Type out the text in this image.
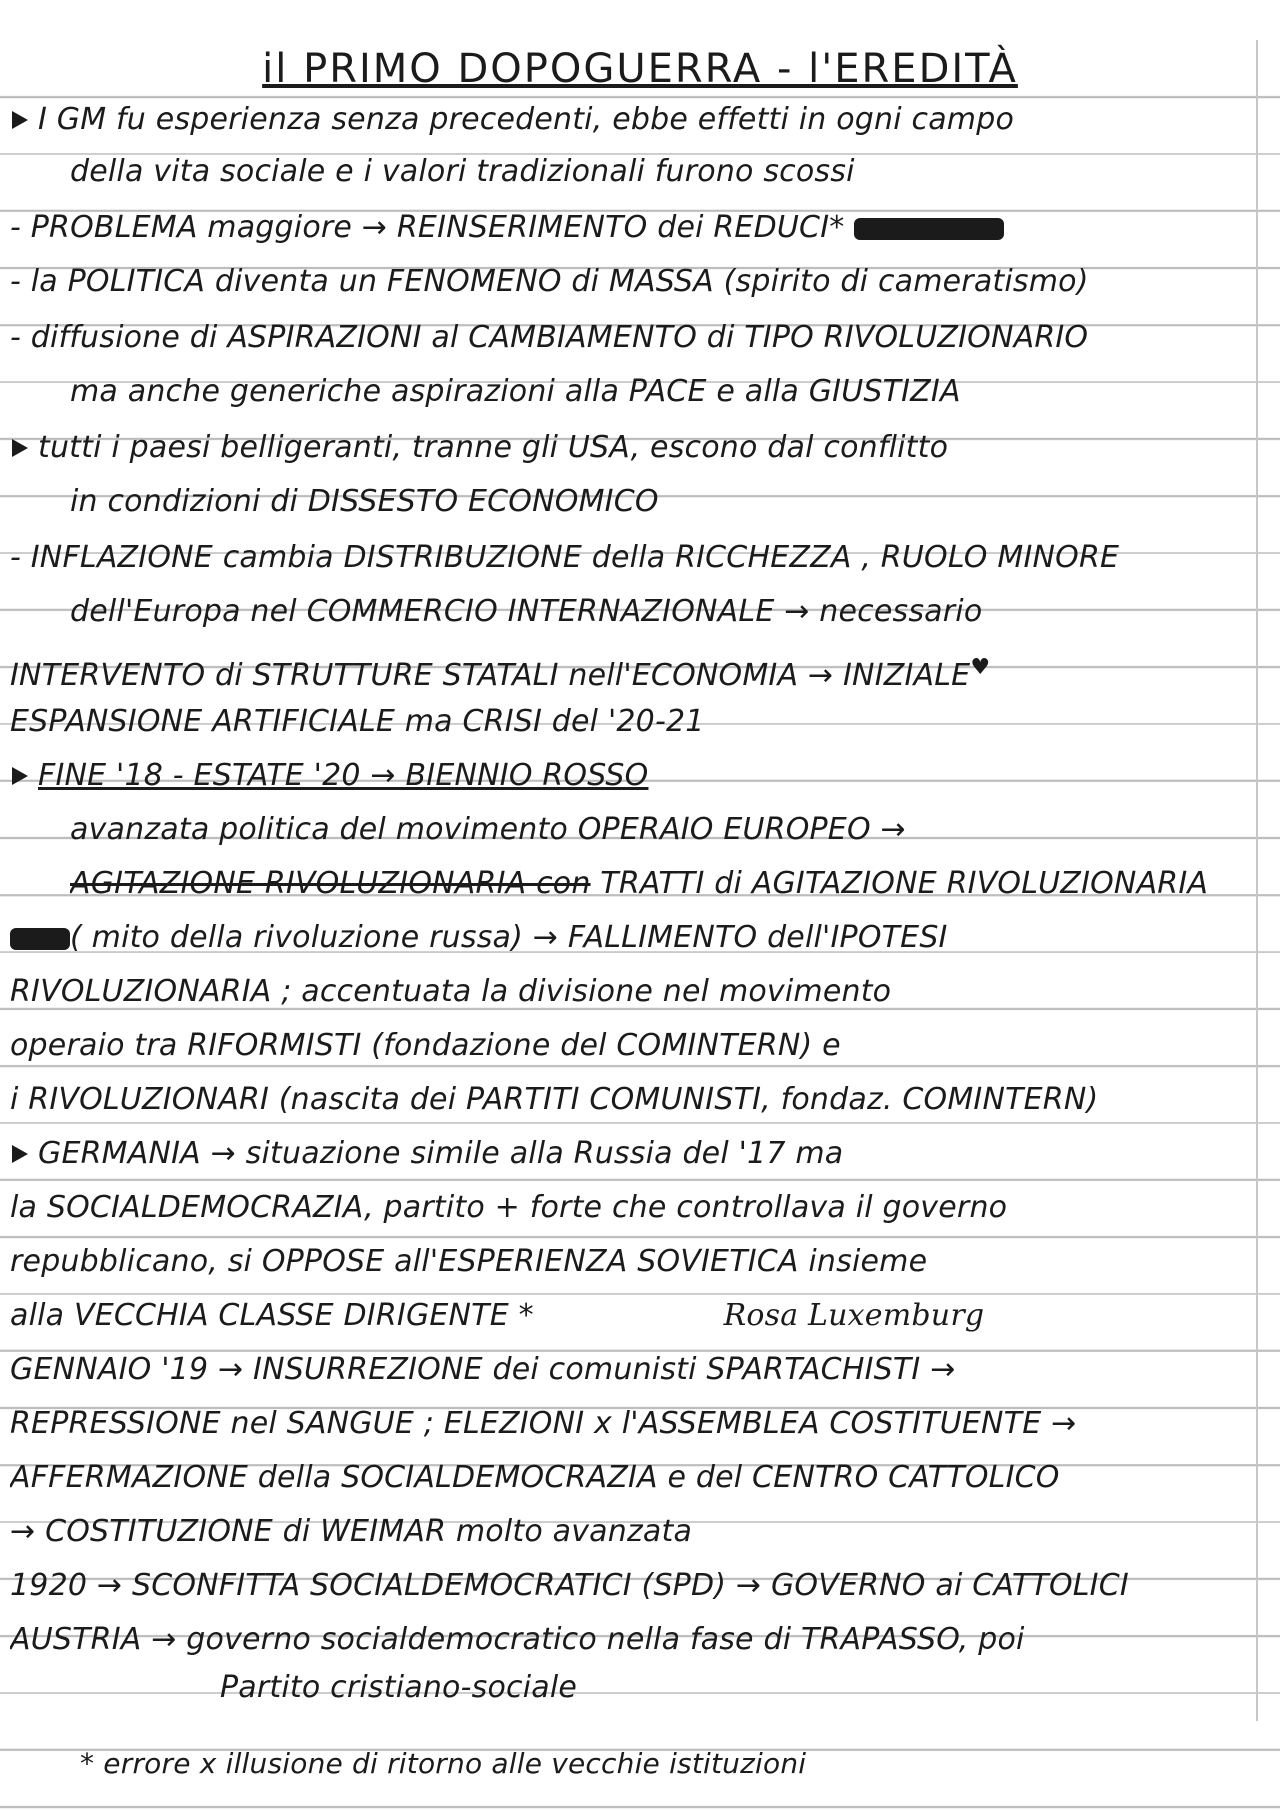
il PRIMO DOPOGUERRA - l'EREDITÀ
I GM fu esperienza senza precedenti, ebbe effetti in ogni campo
della vita sociale e i valori tradizionali furono scossi
- PROBLEMA maggiore → REINSERIMENTO dei REDUCI*
- la POLITICA diventa un FENOMENO di MASSA (spirito di cameratismo)
- diffusione di ASPIRAZIONI al CAMBIAMENTO di TIPO RIVOLUZIONARIO
ma anche generiche aspirazioni alla PACE e alla GIUSTIZIA
tutti i paesi belligeranti, tranne gli USA, escono dal conflitto
in condizioni di DISSESTO ECONOMICO
- INFLAZIONE cambia DISTRIBUZIONE della RICCHEZZA , RUOLO MINORE
dell'Europa nel COMMERCIO INTERNAZIONALE → necessario
INTERVENTO di STRUTTURE STATALI nell'ECONOMIA → INIZIALE♥
ESPANSIONE ARTIFICIALE ma CRISI del '20-21
FINE '18 - ESTATE '20 → BIENNIO ROSSO
avanzata politica del movimento OPERAIO EUROPEO →
AGITAZIONE RIVOLUZIONARIA con TRATTI di AGITAZIONE RIVOLUZIONARIA
( mito della rivoluzione russa) → FALLIMENTO dell'IPOTESI
RIVOLUZIONARIA ; accentuata la divisione nel movimento
operaio tra RIFORMISTI (fondazione del COMINTERN) e
i RIVOLUZIONARI (nascita dei PARTITI COMUNISTI, fondaz. COMINTERN)
GERMANIA → situazione simile alla Russia del '17 ma
la SOCIALDEMOCRAZIA, partito + forte che controllava il governo
repubblicano, si OPPOSE all'ESPERIENZA SOVIETICA insieme
alla VECCHIA CLASSE DIRIGENTE *	Rosa Luxemburg
GENNAIO '19 → INSURREZIONE dei comunisti SPARTACHISTI →
REPRESSIONE nel SANGUE ; ELEZIONI x l'ASSEMBLEA COSTITUENTE →
AFFERMAZIONE della SOCIALDEMOCRAZIA e del CENTRO CATTOLICO
→ COSTITUZIONE di WEIMAR molto avanzata
1920 → SCONFITTA SOCIALDEMOCRATICI (SPD) → GOVERNO ai CATTOLICI
AUSTRIA → governo socialdemocratico nella fase di TRAPASSO, poi
Partito cristiano-sociale
* errore x illusione di ritorno alle vecchie istituzioni
